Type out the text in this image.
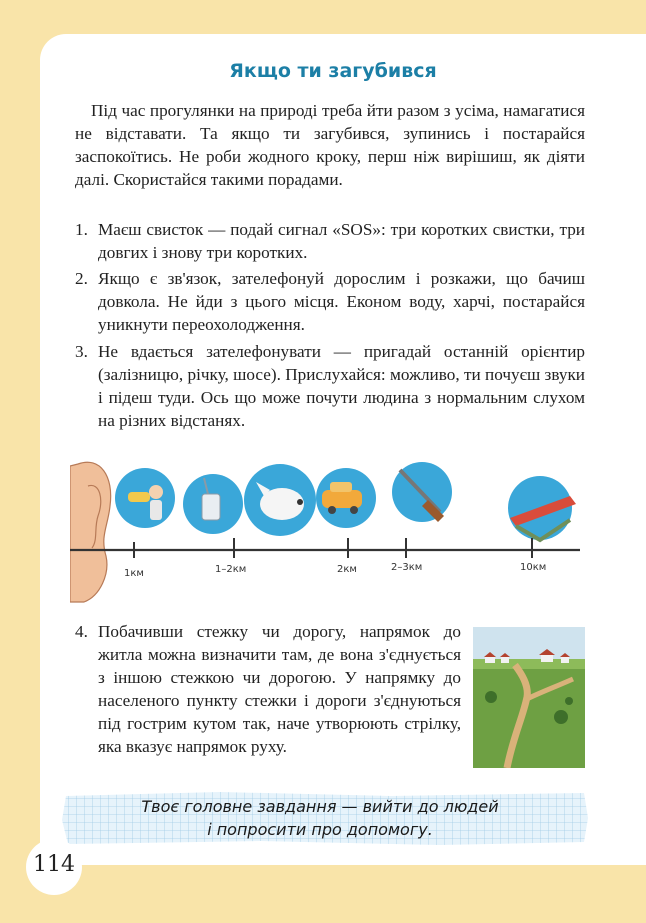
Якщо ти загубився
Під час прогулянки на природі треба йти разом з усіма, намагатися не відставати. Та якщо ти загубився, зупинись і постарайся заспокоїтись. Не роби жодного кроку, перш ніж вирішиш, як діяти далі. Скористайся такими порадами.
1. Маєш свисток — подай сигнал «SOS»: три коротких свистки, три довгих і знову три коротких.
2. Якщо є зв'язок, зателефонуй дорослим і розкажи, що бачиш довкола. Не йди з цього місця. Економ воду, харчі, постарайся уникнути переохолодження.
3. Не вдається зателефонувати — пригадай останній орієнтир (залізницю, річку, шосе). Прислухайся: можливо, ти почуєш звуки і підеш туди. Ось що може почути людина з нормальним слухом на різних відстанях.
1км	1–2км	2км	2–3км	10км
4. Побачивши стежку чи дорогу, напрямок до житла можна визначити там, де вона з'єднується з іншою стежкою чи дорогою. У напрямку до населеного пункту стежки і дороги з'єднуються під гострим кутом так, наче утворюють стрілку, яка вказує напрямок руху.
Твоє головне завдання — вийти до людей
і попросити про допомогу.
114
